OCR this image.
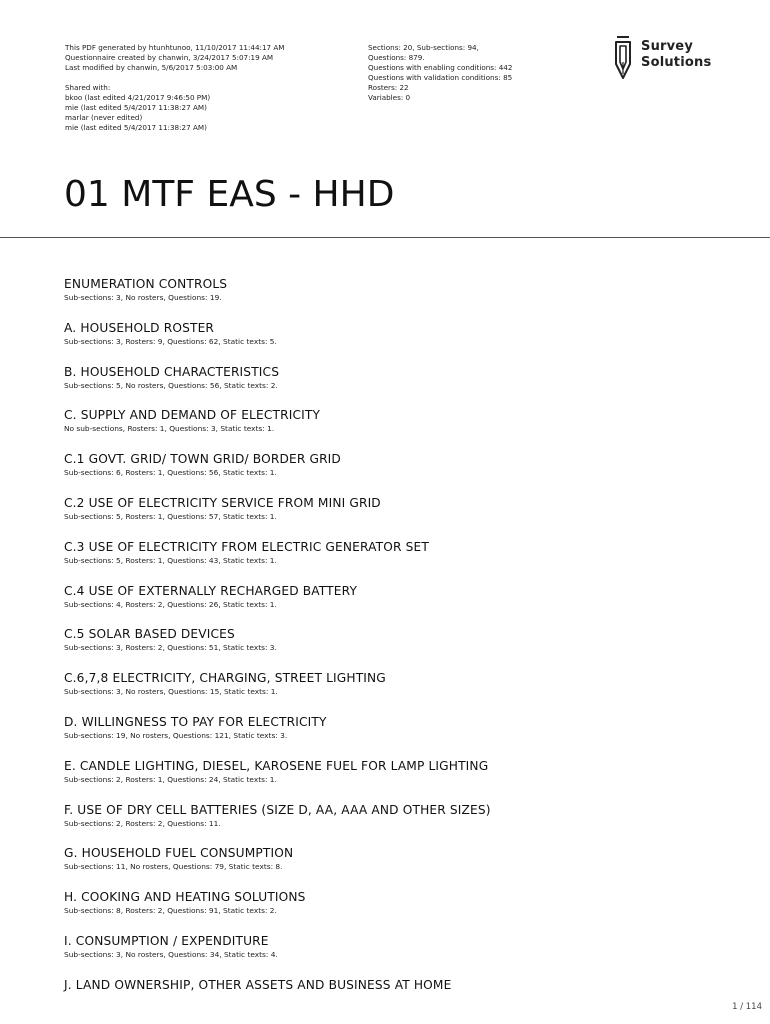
This PDF generated by htunhtunoo, 11/10/2017 11:44:17 AM
Questionnaire created by chanwin, 3/24/2017 5:07:19 AM
Last modified by chanwin, 5/6/2017 5:03:00 AM
Shared with:
bkoo (last edited 4/21/2017 9:46:50 PM)
mie (last edited 5/4/2017 11:38:27 AM)
marlar (never edited)
mie (last edited 5/4/2017 11:38:27 AM)
Sections: 20, Sub-sections: 94,
Questions: 879.
Questions with enabling conditions: 442
Questions with validation conditions: 85
Rosters: 22
Variables: 0
Survey
Solutions
01 MTF EAS - HHD
ENUMERATION CONTROLS
Sub-sections: 3, No rosters, Questions: 19.
A. HOUSEHOLD ROSTER
Sub-sections: 3, Rosters: 9, Questions: 62, Static texts: 5.
B. HOUSEHOLD CHARACTERISTICS
Sub-sections: 5, No rosters, Questions: 56, Static texts: 2.
C. SUPPLY AND DEMAND OF ELECTRICITY
No sub-sections, Rosters: 1, Questions: 3, Static texts: 1.
C.1 GOVT. GRID/ TOWN GRID/ BORDER GRID
Sub-sections: 6, Rosters: 1, Questions: 56, Static texts: 1.
C.2 USE OF ELECTRICITY SERVICE FROM MINI GRID
Sub-sections: 5, Rosters: 1, Questions: 57, Static texts: 1.
C.3 USE OF ELECTRICITY FROM ELECTRIC GENERATOR SET
Sub-sections: 5, Rosters: 1, Questions: 43, Static texts: 1.
C.4 USE OF EXTERNALLY RECHARGED BATTERY
Sub-sections: 4, Rosters: 2, Questions: 26, Static texts: 1.
C.5 SOLAR BASED DEVICES
Sub-sections: 3, Rosters: 2, Questions: 51, Static texts: 3.
C.6,7,8 ELECTRICITY, CHARGING, STREET LIGHTING
Sub-sections: 3, No rosters, Questions: 15, Static texts: 1.
D. WILLINGNESS TO PAY FOR ELECTRICITY
Sub-sections: 19, No rosters, Questions: 121, Static texts: 3.
E. CANDLE LIGHTING, DIESEL, KAROSENE FUEL FOR LAMP LIGHTING
Sub-sections: 2, Rosters: 1, Questions: 24, Static texts: 1.
F. USE OF DRY CELL BATTERIES (SIZE D, AA, AAA AND OTHER SIZES)
Sub-sections: 2, Rosters: 2, Questions: 11.
G. HOUSEHOLD FUEL CONSUMPTION
Sub-sections: 11, No rosters, Questions: 79, Static texts: 8.
H. COOKING AND HEATING SOLUTIONS
Sub-sections: 8, Rosters: 2, Questions: 91, Static texts: 2.
I. CONSUMPTION / EXPENDITURE
Sub-sections: 3, No rosters, Questions: 34, Static texts: 4.
J. LAND OWNERSHIP, OTHER ASSETS AND BUSINESS AT HOME
1 / 114
